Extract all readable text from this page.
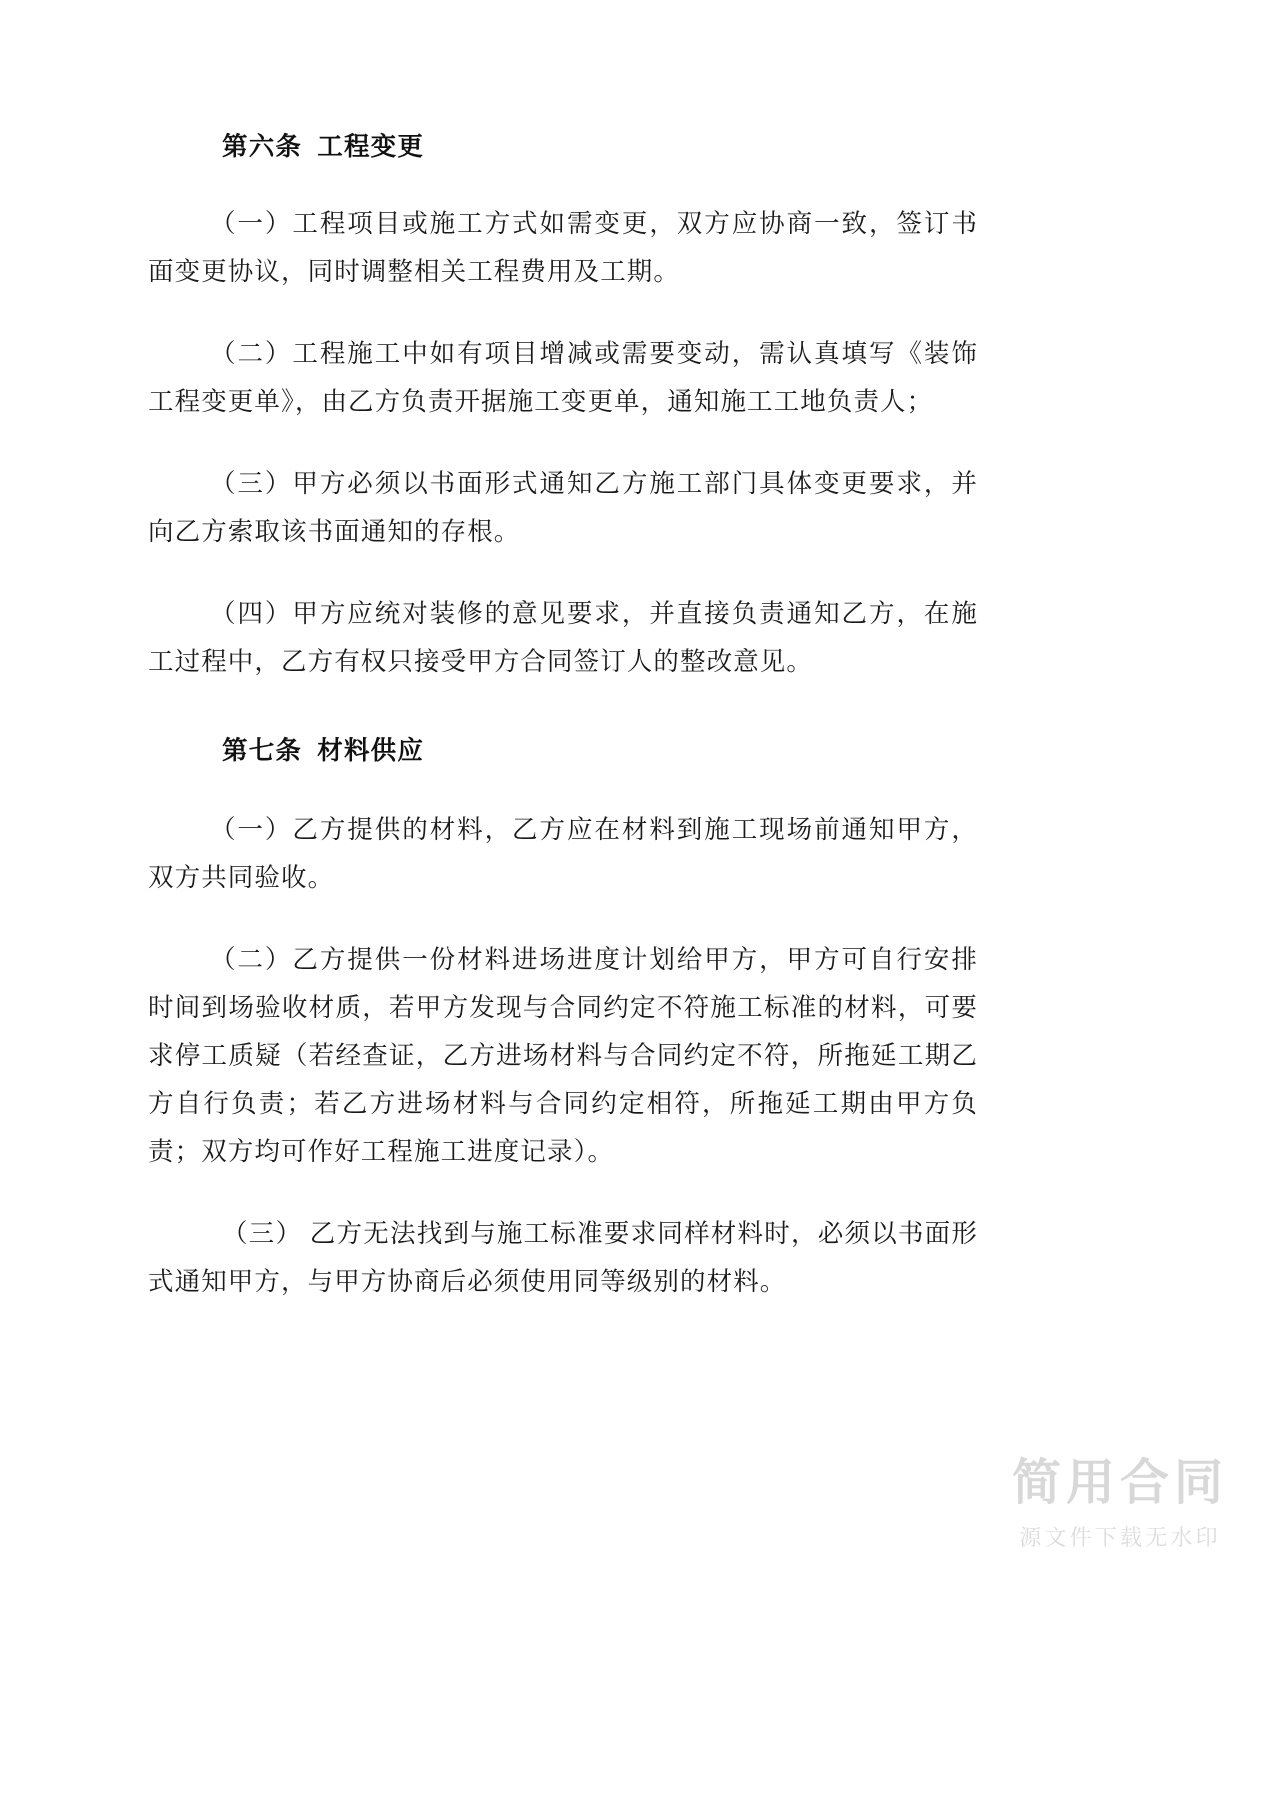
第六条  工程变更

（一）工程项目或施工方式如需变更，双方应协商一致，签订书面变更协议，同时调整相关工程费用及工期。

（二）工程施工中如有项目增减或需要变动，需认真填写《装饰工程变更单》，由乙方负责开据施工变更单，通知施工工地负责人；

（三）甲方必须以书面形式通知乙方施工部门具体变更要求，并向乙方索取该书面通知的存根。

（四）甲方应统对装修的意见要求，并直接负责通知乙方，在施工过程中，乙方有权只接受甲方合同签订人的整改意见。

第七条  材料供应

（一）乙方提供的材料，乙方应在材料到施工现场前通知甲方，双方共同验收。

（二）乙方提供一份材料进场进度计划给甲方，甲方可自行安排时间到场验收材质，若甲方发现与合同约定不符施工标准的材料，可要求停工质疑（若经查证，乙方进场材料与合同约定不符，所拖延工期乙方自行负责；若乙方进场材料与合同约定相符，所拖延工期由甲方负责；双方均可作好工程施工进度记录）。

（三） 乙方无法找到与施工标准要求同样材料时，必须以书面形式通知甲方，与甲方协商后必须使用同等级别的材料。

简用合同
源文件下载无水印
